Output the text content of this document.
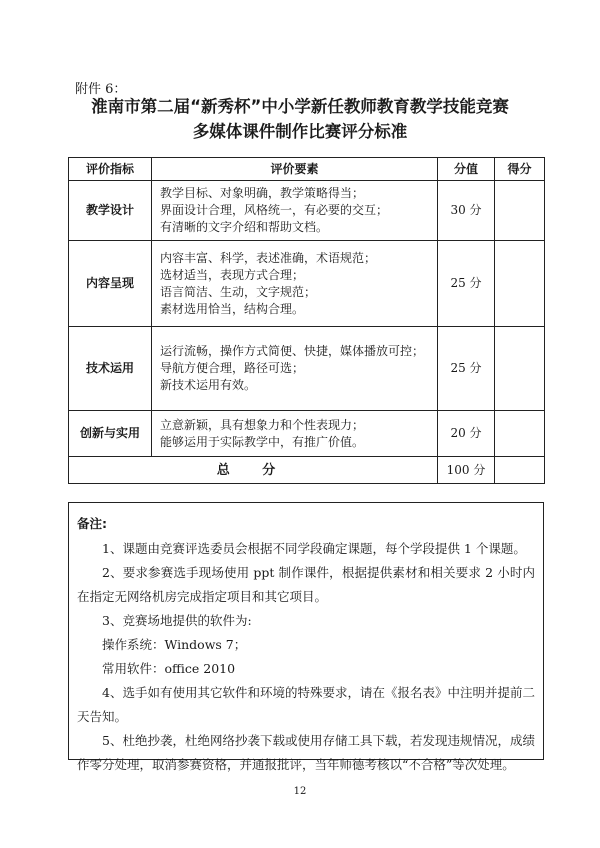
附件 6：
淮南市第二届“新秀杯”中小学新任教师教育教学技能竞赛
多媒体课件制作比赛评分标准
评价指标	评价要素	分值	得分
教学设计	教学目标、对象明确，教学策略得当；
界面设计合理，风格统一，有必要的交互；
有清晰的文字介绍和帮助文档。	30 分	
内容呈现	内容丰富、科学，表述准确，术语规范；
选材适当，表现方式合理；
语言简洁、生动，文字规范；
素材选用恰当，结构合理。	25 分	
技术运用	运行流畅，操作方式简便、快捷，媒体播放可控；
导航方便合理，路径可选；
新技术运用有效。	25 分	
创新与实用	立意新颖，具有想象力和个性表现力；
能够运用于实际教学中，有推广价值。	20 分	
总 分		100 分	
备注:

1、课题由竞赛评选委员会根据不同学段确定课题，每个学段提供 1 个课题。

2、要求参赛选手现场使用 ppt 制作课件，根据提供素材和相关要求 2 小时内在指定无网络机房完成指定项目和其它项目。

3、竞赛场地提供的软件为:

操作系统：Windows 7；

常用软件：office 2010

4、选手如有使用其它软件和环境的特殊要求，请在《报名表》中注明并提前二天告知。

5、杜绝抄袭，杜绝网络抄袭下载或使用存储工具下载，若发现违规情况，成绩作零分处理，取消参赛资格，并通报批评，当年师德考核以“不合格”等次处理。

12
